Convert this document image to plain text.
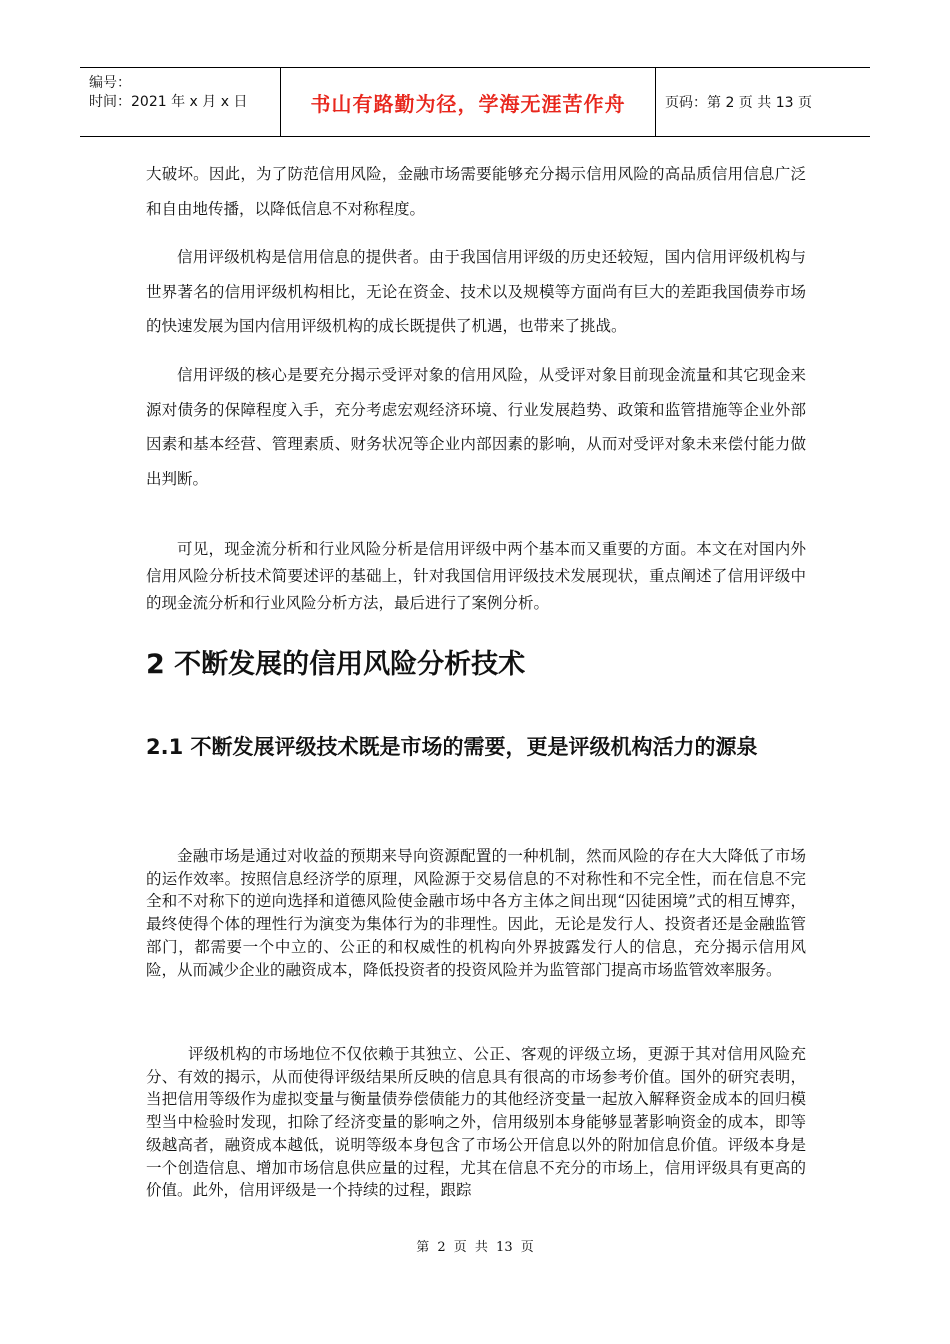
编号：
时间：2021 年 x 月 x 日	书山有路勤为径，学海无涯苦作舟	页码：第 2 页 共 13 页

大破坏。因此，为了防范信用风险，金融市场需要能够充分揭示信用风险的高品质信用信息广泛和自由地传播，以降低信息不对称程度。

信用评级机构是信用信息的提供者。由于我国信用评级的历史还较短，国内信用评级机构与世界著名的信用评级机构相比，无论在资金、技术以及规模等方面尚有巨大的差距我国债券市场的快速发展为国内信用评级机构的成长既提供了机遇，也带来了挑战。

信用评级的核心是要充分揭示受评对象的信用风险，从受评对象目前现金流量和其它现金来源对债务的保障程度入手，充分考虑宏观经济环境、行业发展趋势、政策和监管措施等企业外部因素和基本经营、管理素质、财务状况等企业内部因素的影响，从而对受评对象未来偿付能力做出判断。

可见，现金流分析和行业风险分析是信用评级中两个基本而又重要的方面。本文在对国内外信用风险分析技术简要述评的基础上，针对我国信用评级技术发展现状，重点阐述了信用评级中的现金流分析和行业风险分析方法，最后进行了案例分析。

2 不断发展的信用风险分析技术
2.1 不断发展评级技术既是市场的需要，更是评级机构活力的源泉

金融市场是通过对收益的预期来导向资源配置的一种机制，然而风险的存在大大降低了市场的运作效率。按照信息经济学的原理，风险源于交易信息的不对称性和不完全性，而在信息不完全和不对称下的逆向选择和道德风险使金融市场中各方主体之间出现“囚徒困境”式的相互博弈，最终使得个体的理性行为演变为集体行为的非理性。因此，无论是发行人、投资者还是金融监管部门，都需要一个中立的、公正的和权威性的机构向外界披露发行人的信息，充分揭示信用风险，从而减少企业的融资成本，降低投资者的投资风险并为监管部门提高市场监管效率服务。

评级机构的市场地位不仅依赖于其独立、公正、客观的评级立场，更源于其对信用风险充分、有效的揭示，从而使得评级结果所反映的信息具有很高的市场参考价值。国外的研究表明，当把信用等级作为虚拟变量与衡量债券偿债能力的其他经济变量一起放入解释资金成本的回归模型当中检验时发现，扣除了经济变量的影响之外，信用级别本身能够显著影响资金的成本，即等级越高者，融资成本越低，说明等级本身包含了市场公开信息以外的附加信息价值。评级本身是一个创造信息、增加市场信息供应量的过程，尤其在信息不充分的市场上，信用评级具有更高的价值。此外，信用评级是一个持续的过程，跟踪

第 2 页 共 13 页
